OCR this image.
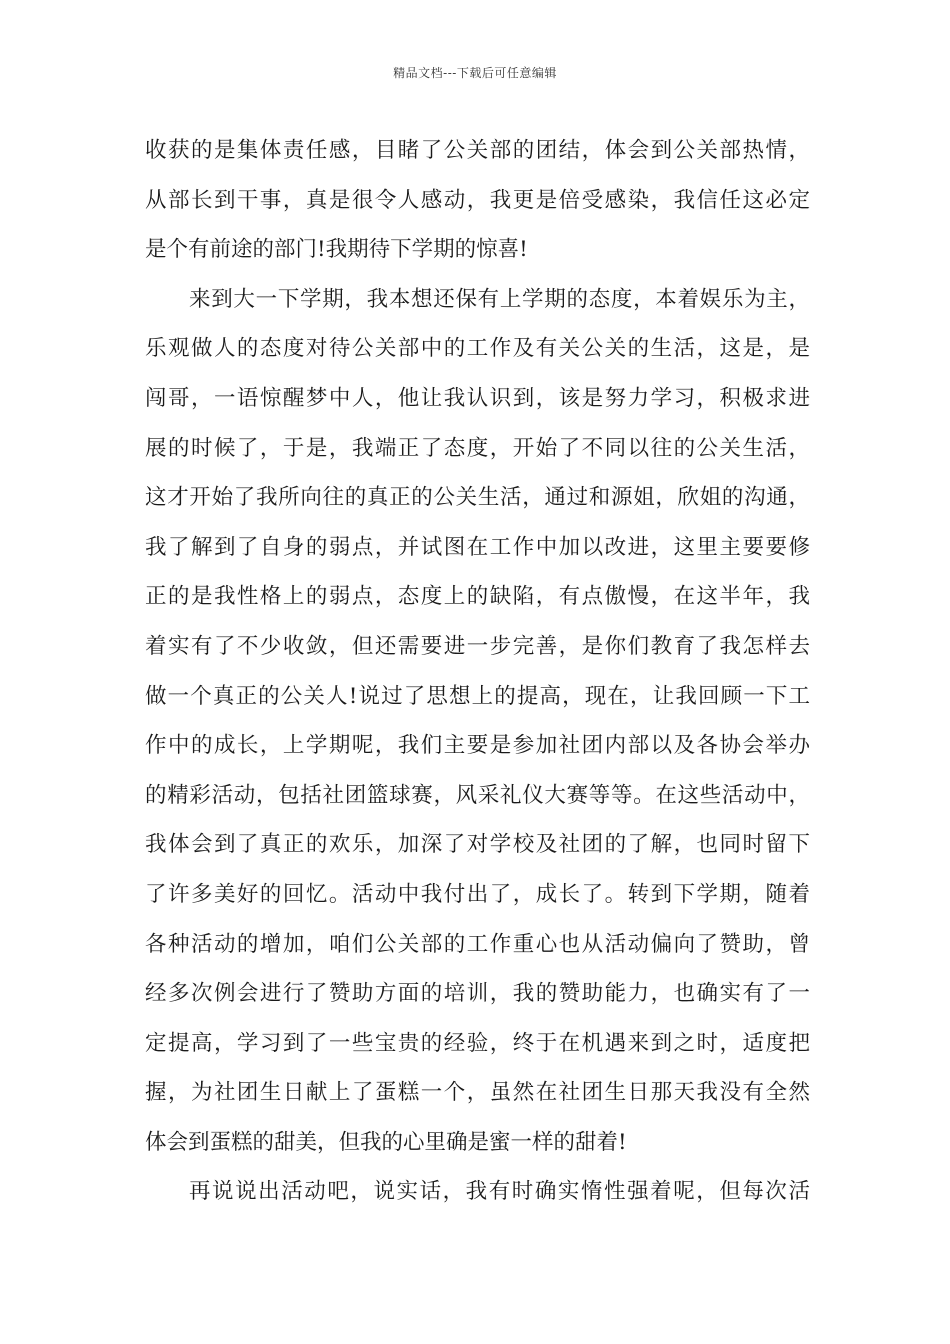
精品文档---下载后可任意编辑
收获的是集体责任感，目睹了公关部的团结，体会到公关部热情，
从部长到干事，真是很令人感动，我更是倍受感染，我信任这必定
是个有前途的部门!我期待下学期的惊喜!
来到大一下学期，我本想还保有上学期的态度，本着娱乐为主，
乐观做人的态度对待公关部中的工作及有关公关的生活，这是，是
闯哥，一语惊醒梦中人，他让我认识到，该是努力学习，积极求进
展的时候了，于是，我端正了态度，开始了不同以往的公关生活，
这才开始了我所向往的真正的公关生活，通过和源姐，欣姐的沟通，
我了解到了自身的弱点，并试图在工作中加以改进，这里主要要修
正的是我性格上的弱点，态度上的缺陷，有点傲慢，在这半年，我
着实有了不少收敛，但还需要进一步完善，是你们教育了我怎样去
做一个真正的公关人!说过了思想上的提高，现在，让我回顾一下工
作中的成长，上学期呢，我们主要是参加社团内部以及各协会举办
的精彩活动，包括社团篮球赛，风采礼仪大赛等等。在这些活动中，
我体会到了真正的欢乐，加深了对学校及社团的了解，也同时留下
了许多美好的回忆。活动中我付出了，成长了。转到下学期，随着
各种活动的增加，咱们公关部的工作重心也从活动偏向了赞助，曾
经多次例会进行了赞助方面的培训，我的赞助能力，也确实有了一
定提高，学习到了一些宝贵的经验，终于在机遇来到之时，适度把
握，为社团生日献上了蛋糕一个，虽然在社团生日那天我没有全然
体会到蛋糕的甜美，但我的心里确是蜜一样的甜着!
再说说出活动吧，说实话，我有时确实惰性强着呢，但每次活
